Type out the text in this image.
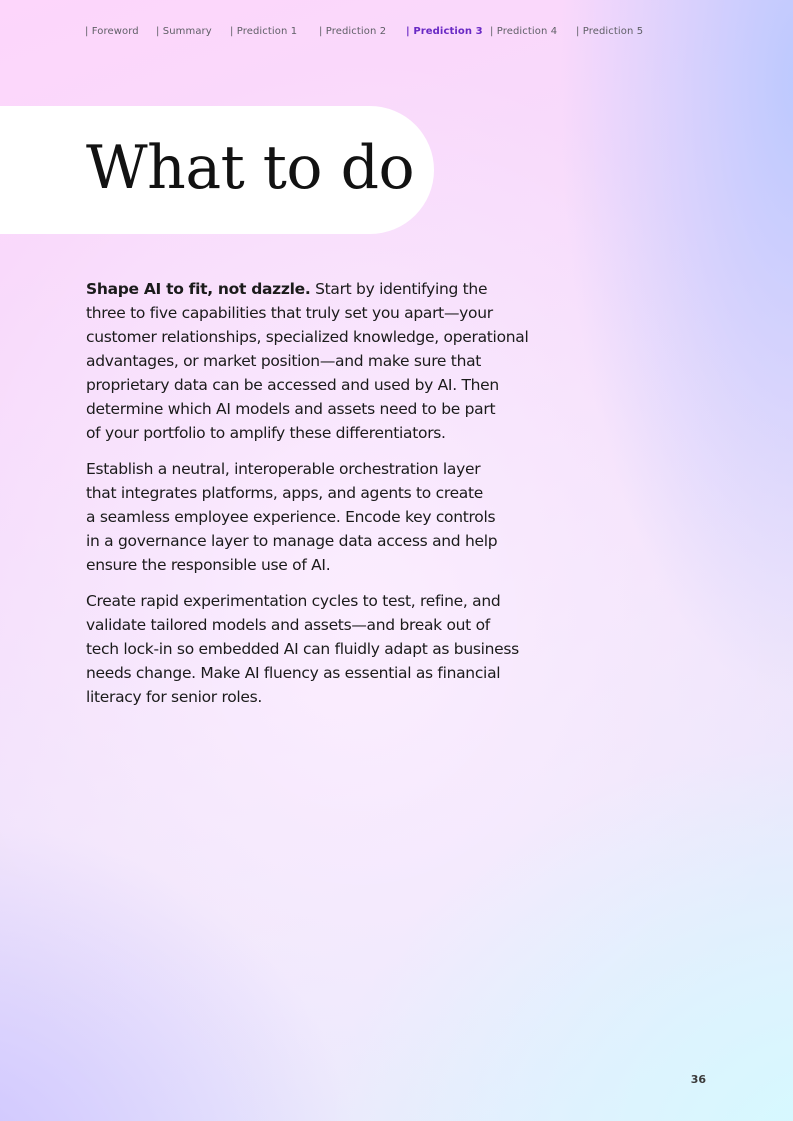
| Foreword | Summary | Prediction 1 | Prediction 2 | Prediction 3 | Prediction 4 | Prediction 5
What to do

Shape AI to fit, not dazzle. Start by identifying the
three to five capabilities that truly set you apart—your
customer relationships, specialized knowledge, operational
advantages, or market position—and make sure that
proprietary data can be accessed and used by AI. Then
determine which AI models and assets need to be part
of your portfolio to amplify these differentiators.

Establish a neutral, interoperable orchestration layer
that integrates platforms, apps, and agents to create
a seamless employee experience. Encode key controls
in a governance layer to manage data access and help
ensure the responsible use of AI.

Create rapid experimentation cycles to test, refine, and
validate tailored models and assets—and break out of
tech lock-in so embedded AI can fluidly adapt as business
needs change. Make AI fluency as essential as financial
literacy for senior roles.

36
